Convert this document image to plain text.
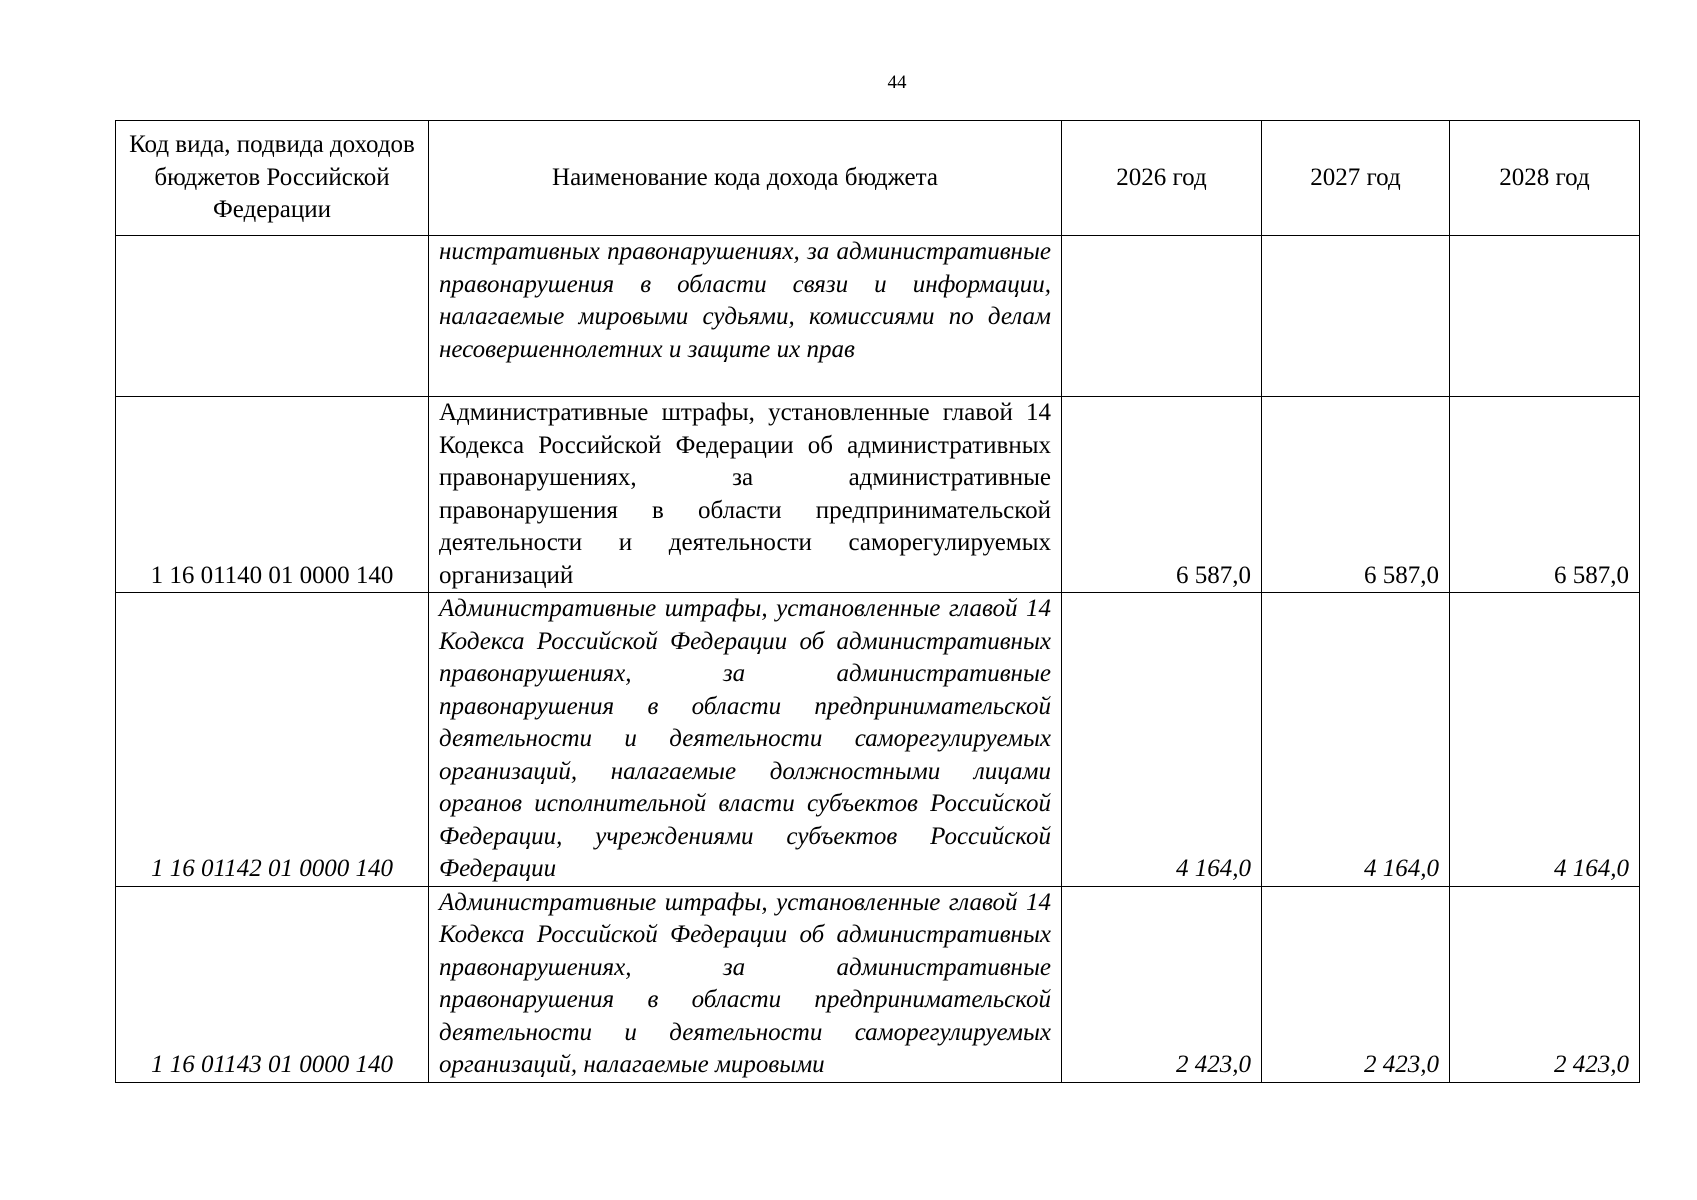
44
Код вида, подвида доходов бюджетов Российской Федерации	Наименование кода дохода бюджета	2026 год	2027 год	2028 год
	нистративных правонарушениях, за административные правонарушения в области связи и информации, налагаемые мировыми судьями, комиссиями по делам несовершеннолетних и защите их прав			
1 16 01140 01 0000 140	Административные штрафы, установленные главой 14 Кодекса Российской Федерации об административных правонарушениях, за административные правонарушения в области предпринимательской деятельности и деятельности саморегулируемых организаций	6 587,0	6 587,0	6 587,0
1 16 01142 01 0000 140	Административные штрафы, установленные главой 14 Кодекса Российской Федерации об административных правонарушениях, за административные правонарушения в области предпринимательской деятельности и деятельности саморегулируемых организаций, налагаемые должностными лицами органов исполнительной власти субъектов Российской Федерации, учреждениями субъектов Российской Федерации	4 164,0	4 164,0	4 164,0
1 16 01143 01 0000 140	Административные штрафы, установленные главой 14 Кодекса Российской Федерации об административных правонарушениях, за административные правонарушения в области предпринимательской деятельности и деятельности саморегулируемых организаций, налагаемые мировыми	2 423,0	2 423,0	2 423,0
